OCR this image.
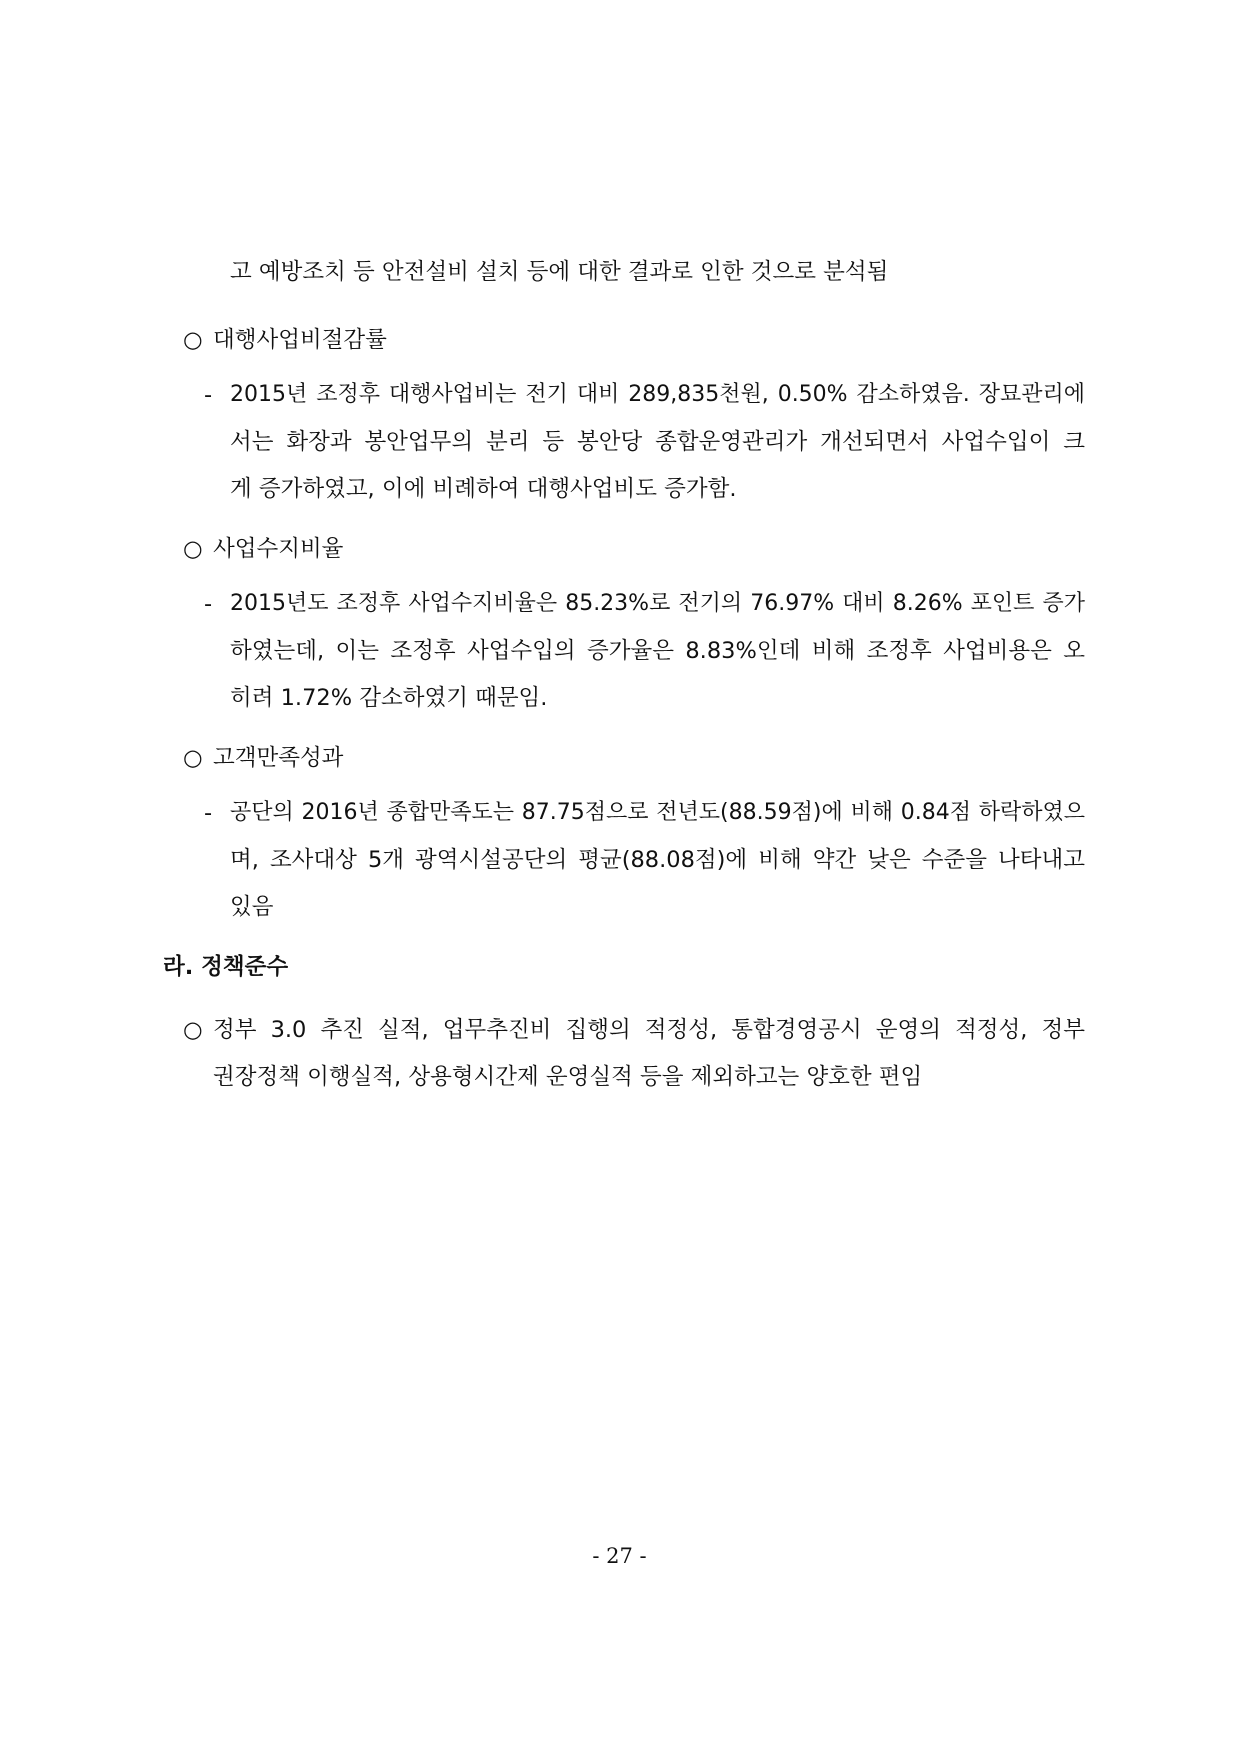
고 예방조치 등 안전설비 설치 등에 대한 결과로 인한 것으로 분석됨
○ 대행사업비절감률
- 2015년 조정후 대행사업비는 전기 대비 289,835천원, 0.50% 감소하였음. 장묘관리에
서는 화장과 봉안업무의 분리 등 봉안당 종합운영관리가 개선되면서 사업수입이 크
게 증가하였고, 이에 비례하여 대행사업비도 증가함.
○ 사업수지비율
- 2015년도 조정후 사업수지비율은 85.23%로 전기의 76.97% 대비 8.26% 포인트 증가
하였는데, 이는 조정후 사업수입의 증가율은 8.83%인데 비해 조정후 사업비용은 오
히려 1.72% 감소하였기 때문임.
○ 고객만족성과
- 공단의 2016년 종합만족도는 87.75점으로 전년도(88.59점)에 비해 0.84점 하락하였으
며, 조사대상 5개 광역시설공단의 평균(88.08점)에 비해 약간 낮은 수준을 나타내고
있음
라. 정책준수
○ 정부 3.0 추진 실적, 업무추진비 집행의 적정성, 통합경영공시 운영의 적정성, 정부
권장정책 이행실적, 상용형시간제 운영실적 등을 제외하고는 양호한 편임
- 27 -
